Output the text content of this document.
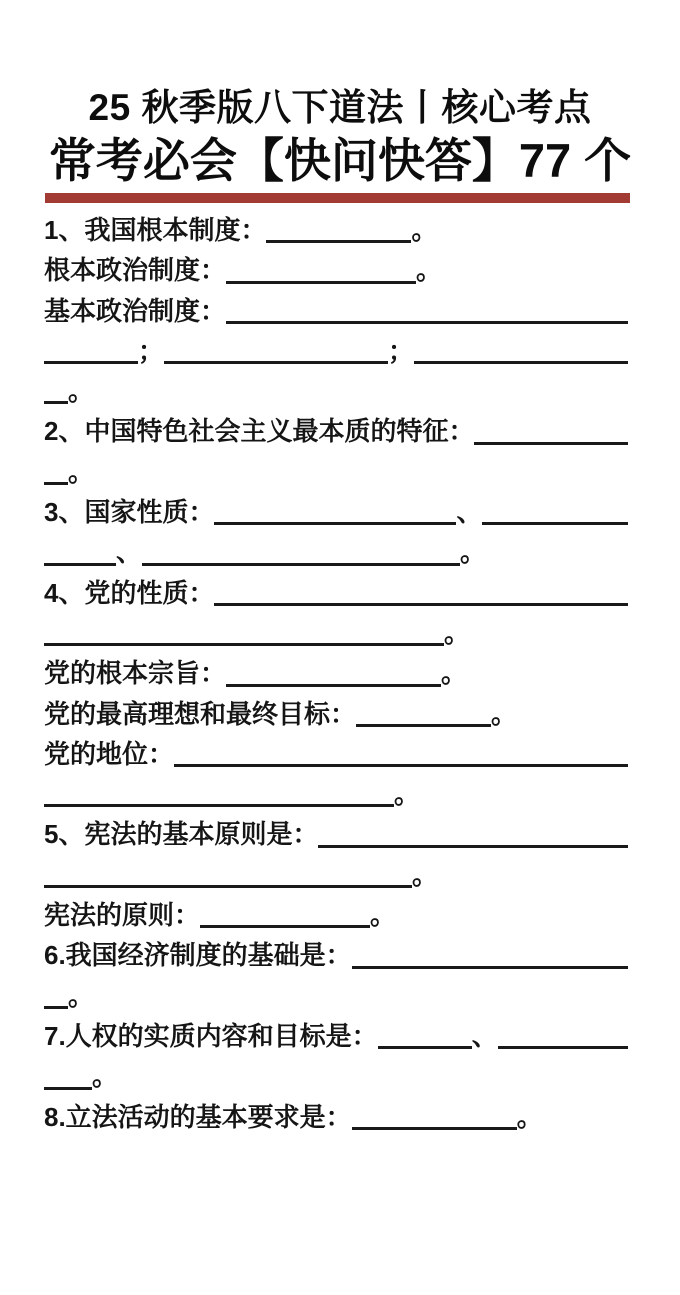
25 秋季版八下道法丨核心考点
常考必会【快问快答】77 个
1、我国根本制度：	。
根本政治制度：	。
基本政治制度：
；	；
。
2、中国特色社会主义最本质的特征：
。
3、国家性质：	、
、	。
4、党的性质：
。
党的根本宗旨：	。
党的最高理想和最终目标：	。
党的地位：
。
5、宪法的基本原则是：
。
宪法的原则：	。
6.我国经济制度的基础是：
。
7.人权的实质内容和目标是：	、
。
8.立法活动的基本要求是：	。
